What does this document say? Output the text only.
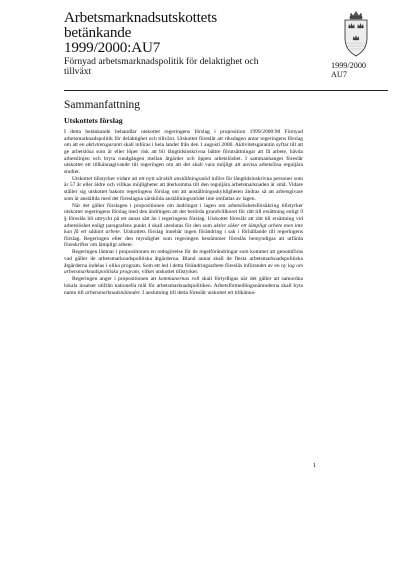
Arbetsmarknadsutskottets betänkande
1999/2000:AU7
Förnyad arbetsmarknadspolitik för delaktighet och tillväxt
1999/2000
AU7
Sammanfattning
Utskottets förslag

I detta betänkande behandlar utskottet regeringens förslag i proposition 1999/2000:98 Förnyad arbetsmarknadspolitik för delaktighet och tillväxt. Utskottet föreslår att riksdagen antar regeringens förslag om att en aktivitetsgaranti skall införas i hela landet från den 1 augusti 2000. Aktivitetsgarantin syftar till att ge arbetslösa som är eller löper risk att bli långtidsinskrivna bättre förutsättningar att få arbete, hävda arbetslinjen och bryta rundgången mellan åtgärder och öppen arbetslöshet. I sammanhanget föreslår utskottet ett tillkännagivande till regeringen om att det skall vara möjligt att anvisa arbetslösa reguljära studier.

Utskottet tillstyrker vidare att ett nytt särskilt anställningsstöd införs för långtidsinskrivna personer som är 57 år eller äldre och villkas möjligheter att återkomma till den reguljära arbetsmarknaden är små. Vidare ställer sig utskottet bakom regeringens förslag om att anställningsskyldigheten ändras så att arbetsgivare som är anställda med det föreslagna särskilda anställningsstödet inte omfattas av lagen.

När det gäller förslagen i propositionen om ändringar i lagen om arbetslöshetsförsäkring tillstyrker utskottet regeringens förslag med den ändringen att det berörda grundvillkoret för rätt till ersättning enligt 9 § föreslås bli uttryckt på ett annat sätt än i regeringens förslag. Utskottet föreslår att rätt till ersättning vid arbetslöshet enligt paragrafens punkt 4 skall uteslutas för den som aktivt söker ett lämpligt arbete men inte kan få ett sådant arbete. Utskottets förslag innebär ingen förändring i sak i förhållande till regeringens förslag. Regeringen eller den myndighet som regeringen bestämmer föreslås bemyndigas att utfärda föreskrifter om lämpligt arbete.

Regeringen lämnar i propositionen en redogörelse för de regelförändringar som kommer att genomföras vad gäller de arbetsmarknadspolitiska åtgärderna. Bland annat skall de flesta arbetsmarknadspolitiska åtgärderna indelas i olika program. Som ett led i detta förändringsarbete föreslås införandet av en ny lag om arbetsmarknadspolitiska program, vilket utskottet tillstyrker.

Regeringen anger i propositionen att kommunernas roll skall förtydligas när det gäller att samordna lokala insatser utifrån nationella mål för arbetsmarknadspolitiken. Arbetsförmedlingsnämnderna skall byta namn till arbetsmarknadsnämnder. I anslutning till detta föreslår utskottet ett tillkänna-

1
